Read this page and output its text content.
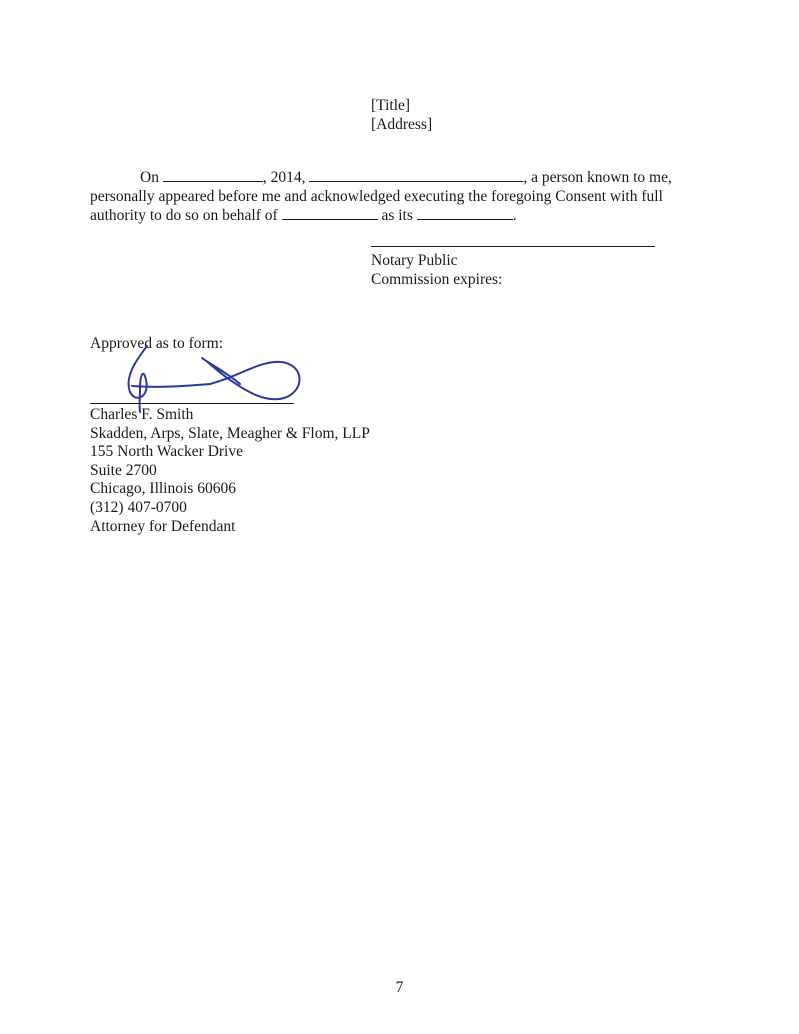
[Title]
[Address]

On	, 2014,	, a person known to me,

personally appeared before me and acknowledged executing the foregoing Consent with full

authority to do so on behalf of	as its	.

Notary Public
Commission expires:
Approved as to form:
Charles F. Smith
Skadden, Arps, Slate, Meagher & Flom, LLP
155 North Wacker Drive
Suite 2700
Chicago, Illinois 60606
(312) 407-0700
Attorney for Defendant
7
